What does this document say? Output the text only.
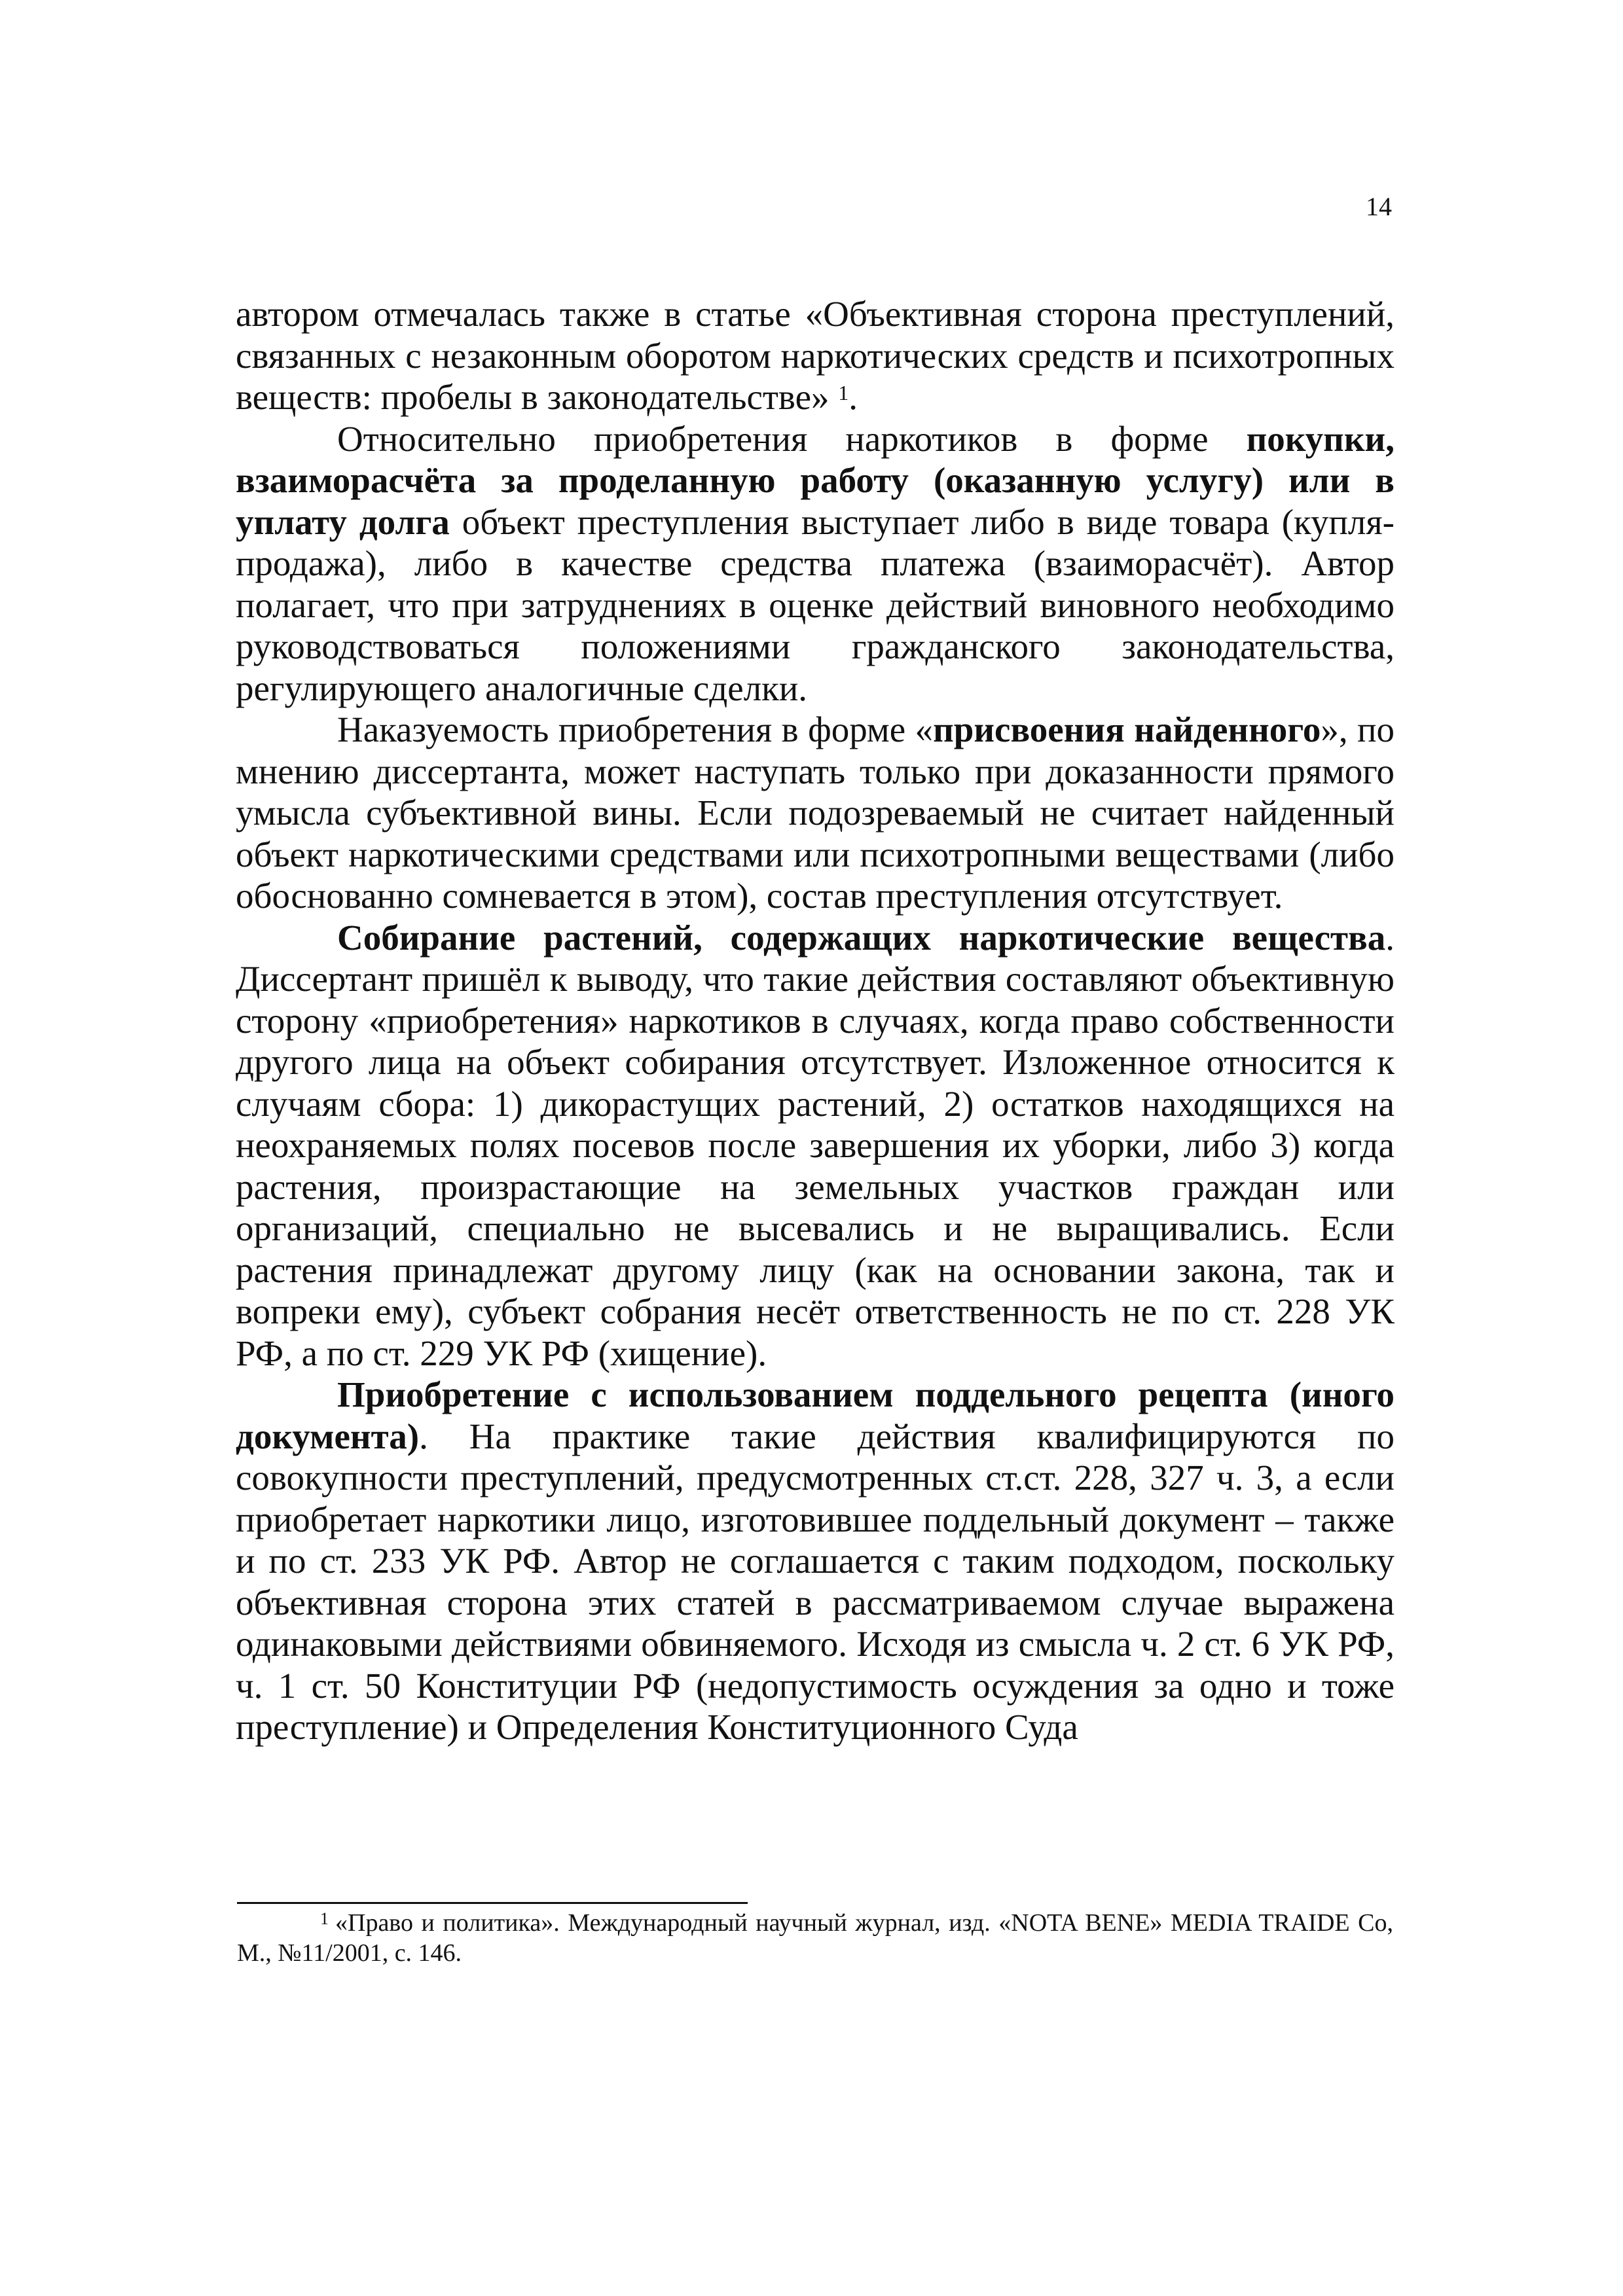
14

автором отмечалась также в статье «Объективная сторона преступлений, связанных с незаконным оборотом наркотических средств и психотропных веществ: пробелы в законодательстве» $^1$.

Относительно приобретения наркотиков в форме покупки, взаиморасчёта за проделанную работу (оказанную услугу) или в уплату долга объект преступления выступает либо в виде товара (купля-продажа), либо в качестве средства платежа (взаиморасчёт). Автор полагает, что при затруднениях в оценке действий виновного необходимо руководствоваться положениями гражданского законодательства, регулирующего аналогичные сделки.

Наказуемость приобретения в форме «присвоения найденного», по мнению диссертанта, может наступать только при доказанности прямого умысла субъективной вины. Если подозреваемый не считает найденный объект наркотическими средствами или психотропными веществами (либо обоснованно сомневается в этом), состав преступления отсутствует.

Собирание растений, содержащих наркотические вещества. Диссертант пришёл к выводу, что такие действия составляют объективную сторону «приобретения» наркотиков в случаях, когда право собственности другого лица на объект собирания отсутствует. Изложенное относится к случаям сбора: 1) дикорастущих растений, 2) остатков находящихся на неохраняемых полях посевов после завершения их уборки, либо 3) когда растения, произрастающие на земельных участков граждан или организаций, специально не высевались и не выращивались. Если растения принадлежат другому лицу (как на основании закона, так и вопреки ему), субъект собрания несёт ответственность не по ст. 228 УК РФ, а по ст. 229 УК РФ (хищение).

Приобретение с использованием поддельного рецепта (иного документа). На практике такие действия квалифицируются по совокупности преступлений, предусмотренных ст.ст. 228, 327 ч. 3, а если приобретает наркотики лицо, изготовившее поддельный документ – также и по ст. 233 УК РФ. Автор не соглашается с таким подходом, поскольку объективная сторона этих статей в рассматриваемом случае выражена одинаковыми действиями обвиняемого. Исходя из смысла ч. 2 ст. 6 УК РФ, ч. 1 ст. 50 Конституции РФ (недопустимость осуждения за одно и тоже преступление) и Определения Конституционного Суда

1 «Право и политика». Международный научный журнал, изд. «NOTA BENE» MEDIA TRAIDE Co, М., №11/2001, с. 146.
